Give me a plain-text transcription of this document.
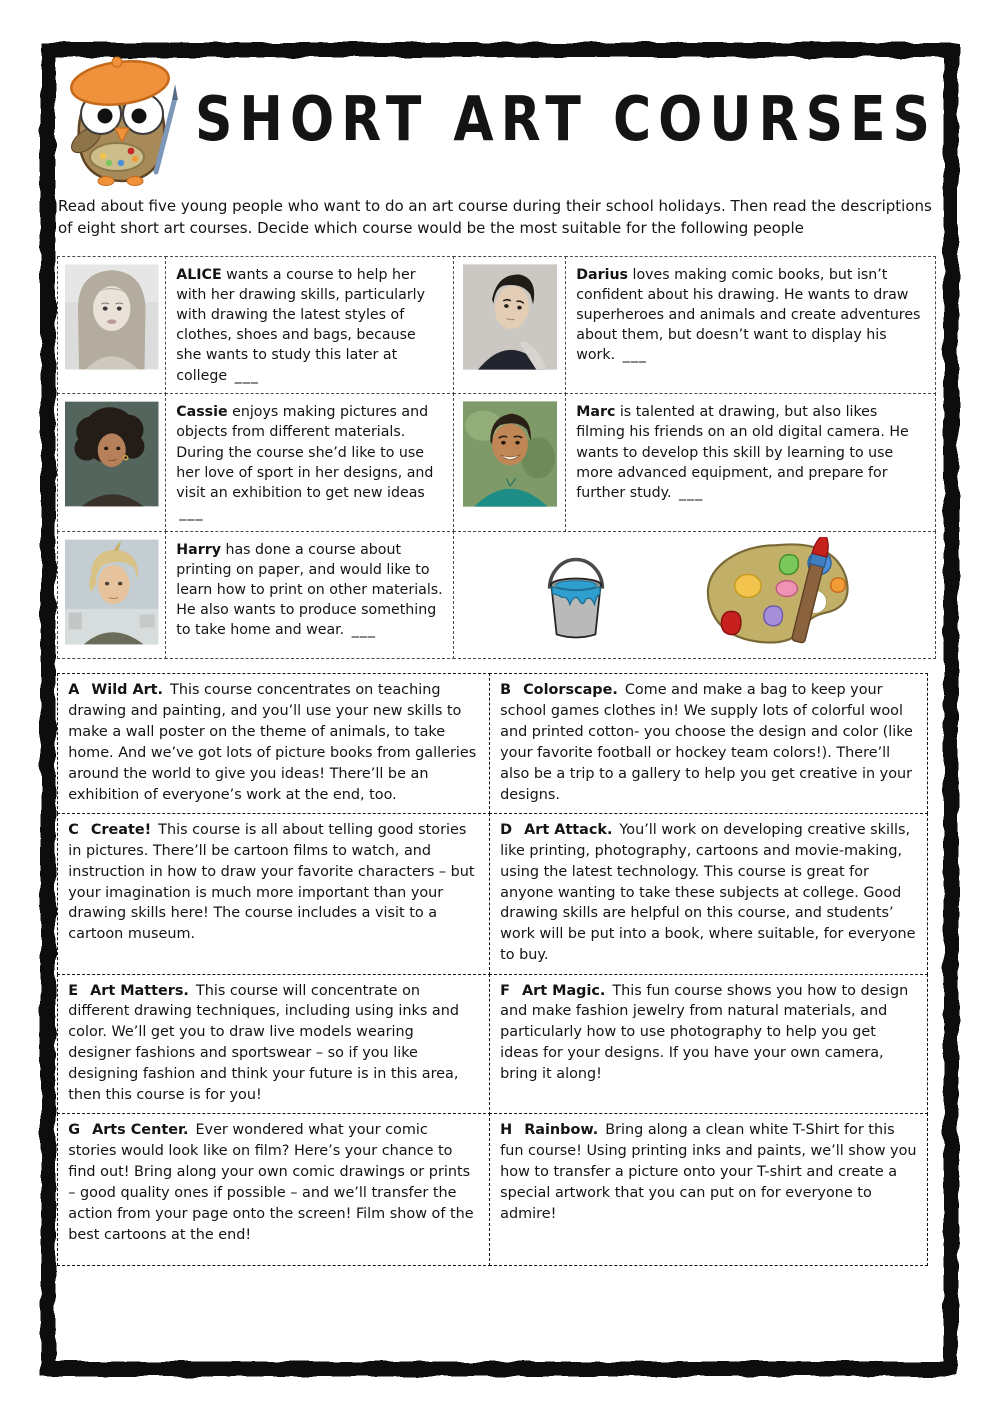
SHORT ART COURSES

Read about five young people who want to do an art course during their school holidays. Then read the descriptions of eight short art courses. Decide which course would be the most suitable for the following people

ALICE wants a course to help her with her drawing skills, particularly with drawing the latest styles of clothes, shoes and bags, because she wants to study this later at college ___
Darius loves making comic books, but isn’t confident about his drawing. He wants to draw superheroes and animals and create adventures about them, but doesn’t want to display his work. ___
Cassie enjoys making pictures and objects from different materials. During the course she’d like to use her love of sport in her designs, and visit an exhibition to get new ideas ___
Marc is talented at drawing, but also likes filming his friends on an old digital camera. He wants to develop this skill by learning to use more advanced equipment, and prepare for further study. ___
Harry has done a course about printing on paper, and would like to learn how to print on other materials. He also wants to produce something to take home and wear. ___
A Wild Art. This course concentrates on teaching drawing and painting, and you’ll use your new skills to make a wall poster on the theme of animals, to take home. And we’ve got lots of picture books from galleries around the world to give you ideas! There’ll be an exhibition of everyone’s work at the end, too.
B Colorscape. Come and make a bag to keep your school games clothes in! We supply lots of colorful wool and printed cotton- you choose the design and color (like your favorite football or hockey team colors!). There’ll also be a trip to a gallery to help you get creative in your designs.
C Create! This course is all about telling good stories in pictures. There’ll be cartoon films to watch, and instruction in how to draw your favorite characters – but your imagination is much more important than your drawing skills here! The course includes a visit to a cartoon museum.
D Art Attack. You’ll work on developing creative skills, like printing, photography, cartoons and movie-making, using the latest technology. This course is great for anyone wanting to take these subjects at college. Good drawing skills are helpful on this course, and students’ work will be put into a book, where suitable, for everyone to buy.
E Art Matters. This course will concentrate on different drawing techniques, including using inks and color. We’ll get you to draw live models wearing designer fashions and sportswear – so if you like designing fashion and think your future is in this area, then this course is for you!
F Art Magic. This fun course shows you how to design and make fashion jewelry from natural materials, and particularly how to use photography to help you get ideas for your designs. If you have your own camera, bring it along!
G Arts Center. Ever wondered what your comic stories would look like on film? Here’s your chance to find out! Bring along your own comic drawings or prints – good quality ones if possible – and we’ll transfer the action from your page onto the screen! Film show of the best cartoons at the end!
H Rainbow. Bring along a clean white T-Shirt for this fun course! Using printing inks and paints, we’ll show you how to transfer a picture onto your T-shirt and create a special artwork that you can put on for everyone to admire!
